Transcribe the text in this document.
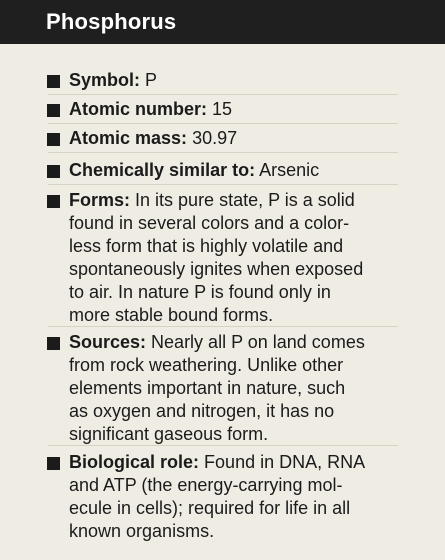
Phosphorus
Symbol: P
Atomic number: 15
Atomic mass: 30.97
Chemically similar to: Arsenic
Forms: In its pure state, P is a solid
found in several colors and a color-
less form that is highly volatile and
spontaneously ignites when exposed
to air. In nature P is found only in
more stable bound forms.
Sources: Nearly all P on land comes
from rock weathering. Unlike other
elements important in nature, such
as oxygen and nitrogen, it has no
significant gaseous form.
Biological role: Found in DNA, RNA
and ATP (the energy-carrying mol-
ecule in cells); required for life in all
known organisms.
